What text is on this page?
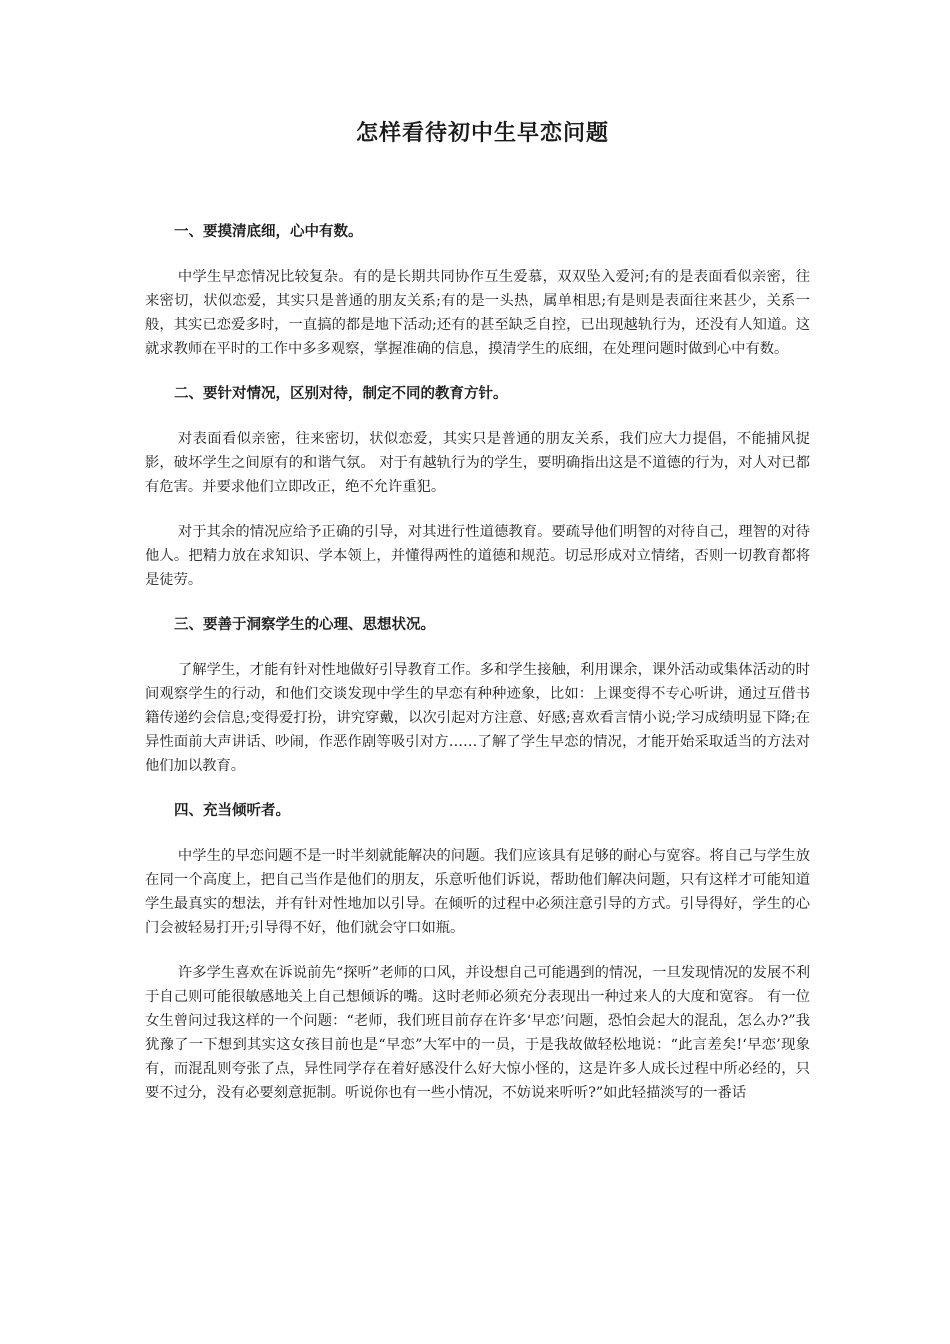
怎样看待初中生早恋问题

一、要摸清底细，心中有数。

中学生早恋情况比较复杂。有的是长期共同协作互生爱慕，双双坠入爱河;有的是表面看似亲密，往来密切，状似恋爱，其实只是普通的朋友关系;有的是一头热，属单相思;有是则是表面往来甚少，关系一般，其实已恋爱多时，一直搞的都是地下活动;还有的甚至缺乏自控，已出现越轨行为，还没有人知道。这就求教师在平时的工作中多多观察，掌握准确的信息，摸清学生的底细，在处理问题时做到心中有数。

二、要针对情况，区别对待，制定不同的教育方针。

对表面看似亲密，往来密切，状似恋爱，其实只是普通的朋友关系，我们应大力提倡，不能捕风捉影，破坏学生之间原有的和谐气氛。 对于有越轨行为的学生，要明确指出这是不道德的行为，对人对已都有危害。并要求他们立即改正，绝不允许重犯。

对于其余的情况应给予正确的引导，对其进行性道德教育。要疏导他们明智的对待自己，理智的对待他人。把精力放在求知识、学本领上，并懂得两性的道德和规范。切忌形成对立情绪，否则一切教育都将是徒劳。

三、要善于洞察学生的心理、思想状况。

了解学生，才能有针对性地做好引导教育工作。多和学生接触，利用课余，课外活动或集体活动的时间观察学生的行动，和他们交谈发现中学生的早恋有种种迹象，比如：上课变得不专心听讲，通过互借书籍传递约会信息;变得爱打扮，讲究穿戴，以次引起对方注意、好感;喜欢看言情小说;学习成绩明显下降;在异性面前大声讲话、吵闹，作恶作剧等吸引对方……了解了学生早恋的情况，才能开始采取适当的方法对他们加以教育。

四、充当倾听者。

中学生的早恋问题不是一时半刻就能解决的问题。我们应该具有足够的耐心与宽容。将自己与学生放在同一个高度上，把自己当作是他们的朋友，乐意听他们诉说，帮助他们解决问题，只有这样才可能知道学生最真实的想法，并有针对性地加以引导。在倾听的过程中必须注意引导的方式。引导得好，学生的心门会被轻易打开;引导得不好，他们就会守口如瓶。

许多学生喜欢在诉说前先“探听”老师的口风，并设想自己可能遇到的情况，一旦发现情况的发展不利于自己则可能很敏感地关上自己想倾诉的嘴。这时老师必须充分表现出一种过来人的大度和宽容。 有一位女生曾问过我这样的一个问题：“老师，我们班目前存在许多‘早恋’问题，恐怕会起大的混乱，怎么办?”我犹豫了一下想到其实这女孩目前也是“早恋”大军中的一员，于是我故做轻松地说：“此言差矣!‘早恋’现象有，而混乱则夸张了点，异性同学存在着好感没什么好大惊小怪的，这是许多人成长过程中所必经的，只要不过分，没有必要刻意扼制。听说你也有一些小情况，不妨说来听听?”如此轻描淡写的一番话
